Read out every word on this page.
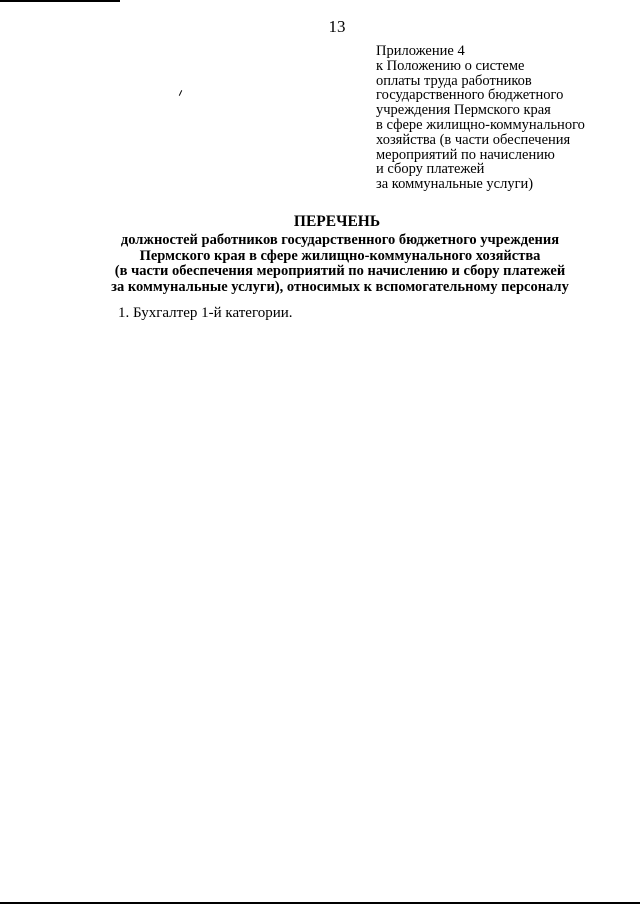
13
Приложение 4
к Положению о системе
оплаты труда работников
государственного бюджетного
учреждения Пермского края
в сфере жилищно-коммунального
хозяйства (в части обеспечения
мероприятий по начислению
и сбору платежей
за коммунальные услуги)
ПЕРЕЧЕНЬ
должностей работников государственного бюджетного учреждения
Пермского края в сфере жилищно-коммунального хозяйства
(в части обеспечения мероприятий по начислению и сбору платежей
за коммунальные услуги), относимых к вспомогательному персоналу
1. Бухгалтер 1-й категории.
